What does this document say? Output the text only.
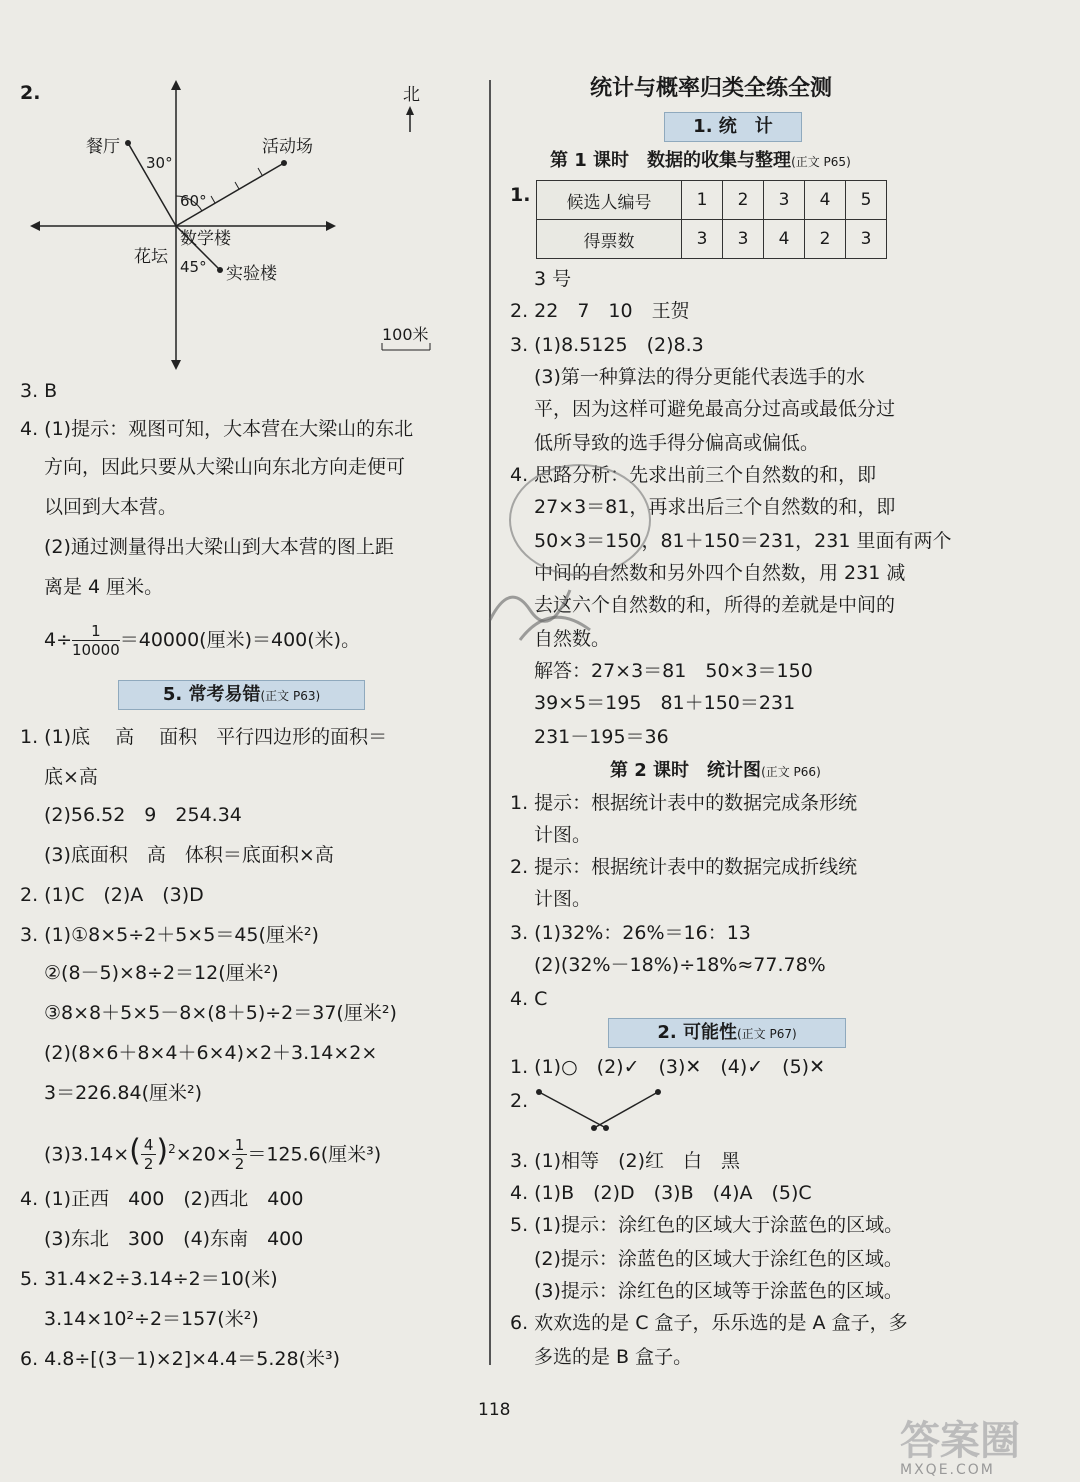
2.	北
餐厅	活动场
数学楼
花坛
实验楼
30°
60°
45°
100米
3. B
4. (1)提示：观图可知，大本营在大梁山的东北
方向，因此只要从大梁山向东北方向走便可
以回到大本营。
(2)通过测量得出大梁山到大本营的图上距
离是 4 厘米。
$4\div \frac{1}{10000} =40000$(厘米)＝400(米)。
5. 常考易错(正文 P63)
1. (1)底　 高　 面积　平行四边形的面积＝
底×高
(2)56.52　9　254.34
(3)底面积　高　体积＝底面积×高
2. (1)C　(2)A　(3)D
3. (1)①8×5÷2＋5×5＝45(厘米²)
②(8－5)×8÷2＝12(厘米²)
③8×8＋5×5－8×(8＋5)÷2＝37(厘米²)
(2)(8×6＋8×4＋6×4)×2＋3.14×2×
3＝226.84(厘米²)
$(3)3.14\times( \frac{4}{2} )^2\times 20\times \frac{1}{2} =125.6$(厘米³)
4. (1)正西　400　(2)西北　400
(3)东北　300　(4)东南　400
5. 31.4×2÷3.14÷2＝10(米)
3.14×10²÷2＝157(米²)
6. 4.8÷[(3－1)×2]×4.4＝5.28(米³)
统计与概率归类全练全测
1. 统　计
第 1 课时　数据的收集与整理(正文 P65)
1. 候选人编号	1	2	3	4	5
得票数	3	3	4	2	3
3 号
2. 22　7　10　王贺
3. (1)8.5125　(2)8.3
(3)第一种算法的得分更能代表选手的水
平，因为这样可避免最高分过高或最低分过
低所导致的选手得分偏高或偏低。
4. 思路分析：先求出前三个自然数的和，即
27×3＝81，再求出后三个自然数的和，即
50×3＝150，81＋150＝231，231 里面有两个
中间的自然数和另外四个自然数，用 231 减
去这六个自然数的和，所得的差就是中间的
自然数。
解答：27×3＝81　50×3＝150
39×5＝195　81＋150＝231
231－195＝36
第 2 课时　统计图(正文 P66)
1. 提示：根据统计表中的数据完成条形统
计图。
2. 提示：根据统计表中的数据完成折线统
计图。
3. (1)32%：26%＝16：13
(2)(32%－18%)÷18%≈77.78%
4. C
2. 可能性(正文 P67)
1. (1)○　(2)✓　(3)✕　(4)✓　(5)✕
2.
3. (1)相等　(2)红　白　黑
4. (1)B　(2)D　(3)B　(4)A　(5)C
5. (1)提示：涂红色的区域大于涂蓝色的区域。
(2)提示：涂蓝色的区域大于涂红色的区域。
(3)提示：涂红色的区域等于涂蓝色的区域。
6. 欢欢选的是 C 盒子，乐乐选的是 A 盒子，多
多选的是 B 盒子。
118
答案圈
MXQE.COM
